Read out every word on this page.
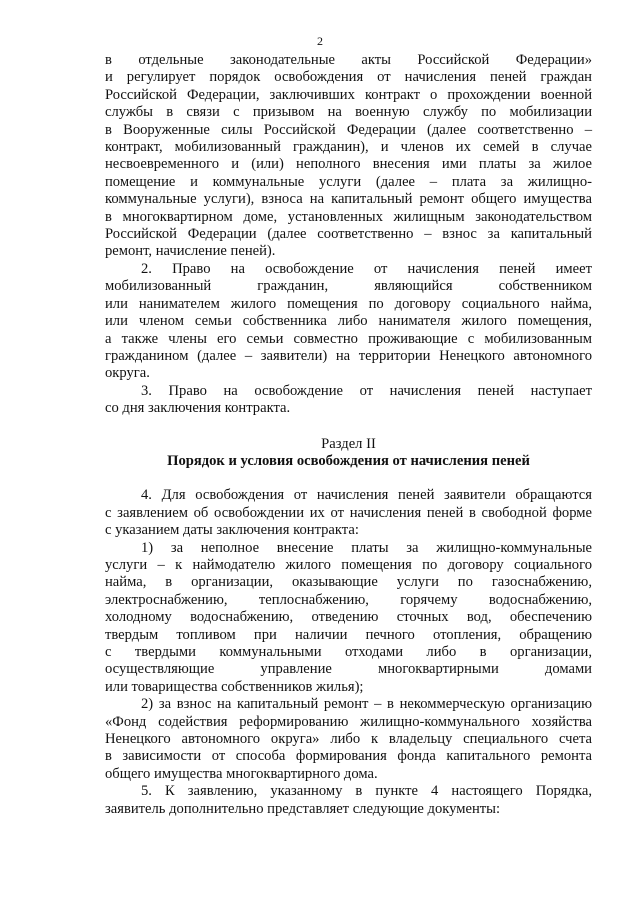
2

в отдельные законодательные акты Российской Федерации»

и регулирует порядок освобождения от начисления пеней граждан

Российской Федерации, заключивших контракт о прохождении военной

службы в связи с призывом на военную службу по мобилизации

в Вооруженные силы Российской Федерации (далее соответственно –

контракт, мобилизованный гражданин), и членов их семей в случае

несвоевременного и (или) неполного внесения ими платы за жилое

помещение и коммунальные услуги (далее – плата за жилищно-

коммунальные услуги), взноса на капитальный ремонт общего имущества

в многоквартирном доме, установленных жилищным законодательством

Российской Федерации (далее соответственно – взнос за капитальный

ремонт, начисление пеней).

2. Право на освобождение от начисления пеней имеет

мобилизованный гражданин, являющийся собственником

или нанимателем жилого помещения по договору социального найма,

или членом семьи собственника либо нанимателя жилого помещения,

а также члены его семьи совместно проживающие с мобилизованным

гражданином (далее – заявители) на территории Ненецкого автономного

округа.

3. Право на освобождение от начисления пеней наступает

со дня заключения контракта.

Раздел II

Порядок и условия освобождения от начисления пеней

4. Для освобождения от начисления пеней заявители обращаются

с заявлением об освобождении их от начисления пеней в свободной форме

с указанием даты заключения контракта:

1) за неполное внесение платы за жилищно-коммунальные

услуги – к наймодателю жилого помещения по договору социального

найма, в организации, оказывающие услуги по газоснабжению,

электроснабжению, теплоснабжению, горячему водоснабжению,

холодному водоснабжению, отведению сточных вод, обеспечению

твердым топливом при наличии печного отопления, обращению

с твердыми коммунальными отходами либо в организации,

осуществляющие управление многоквартирными домами

или товарищества собственников жилья);

2) за взнос на капитальный ремонт – в некоммерческую организацию

«Фонд содействия реформированию жилищно-коммунального хозяйства

Ненецкого автономного округа» либо к владельцу специального счета

в зависимости от способа формирования фонда капитального ремонта

общего имущества многоквартирного дома.

5. К заявлению, указанному в пункте 4 настоящего Порядка,

заявитель дополнительно представляет следующие документы:
